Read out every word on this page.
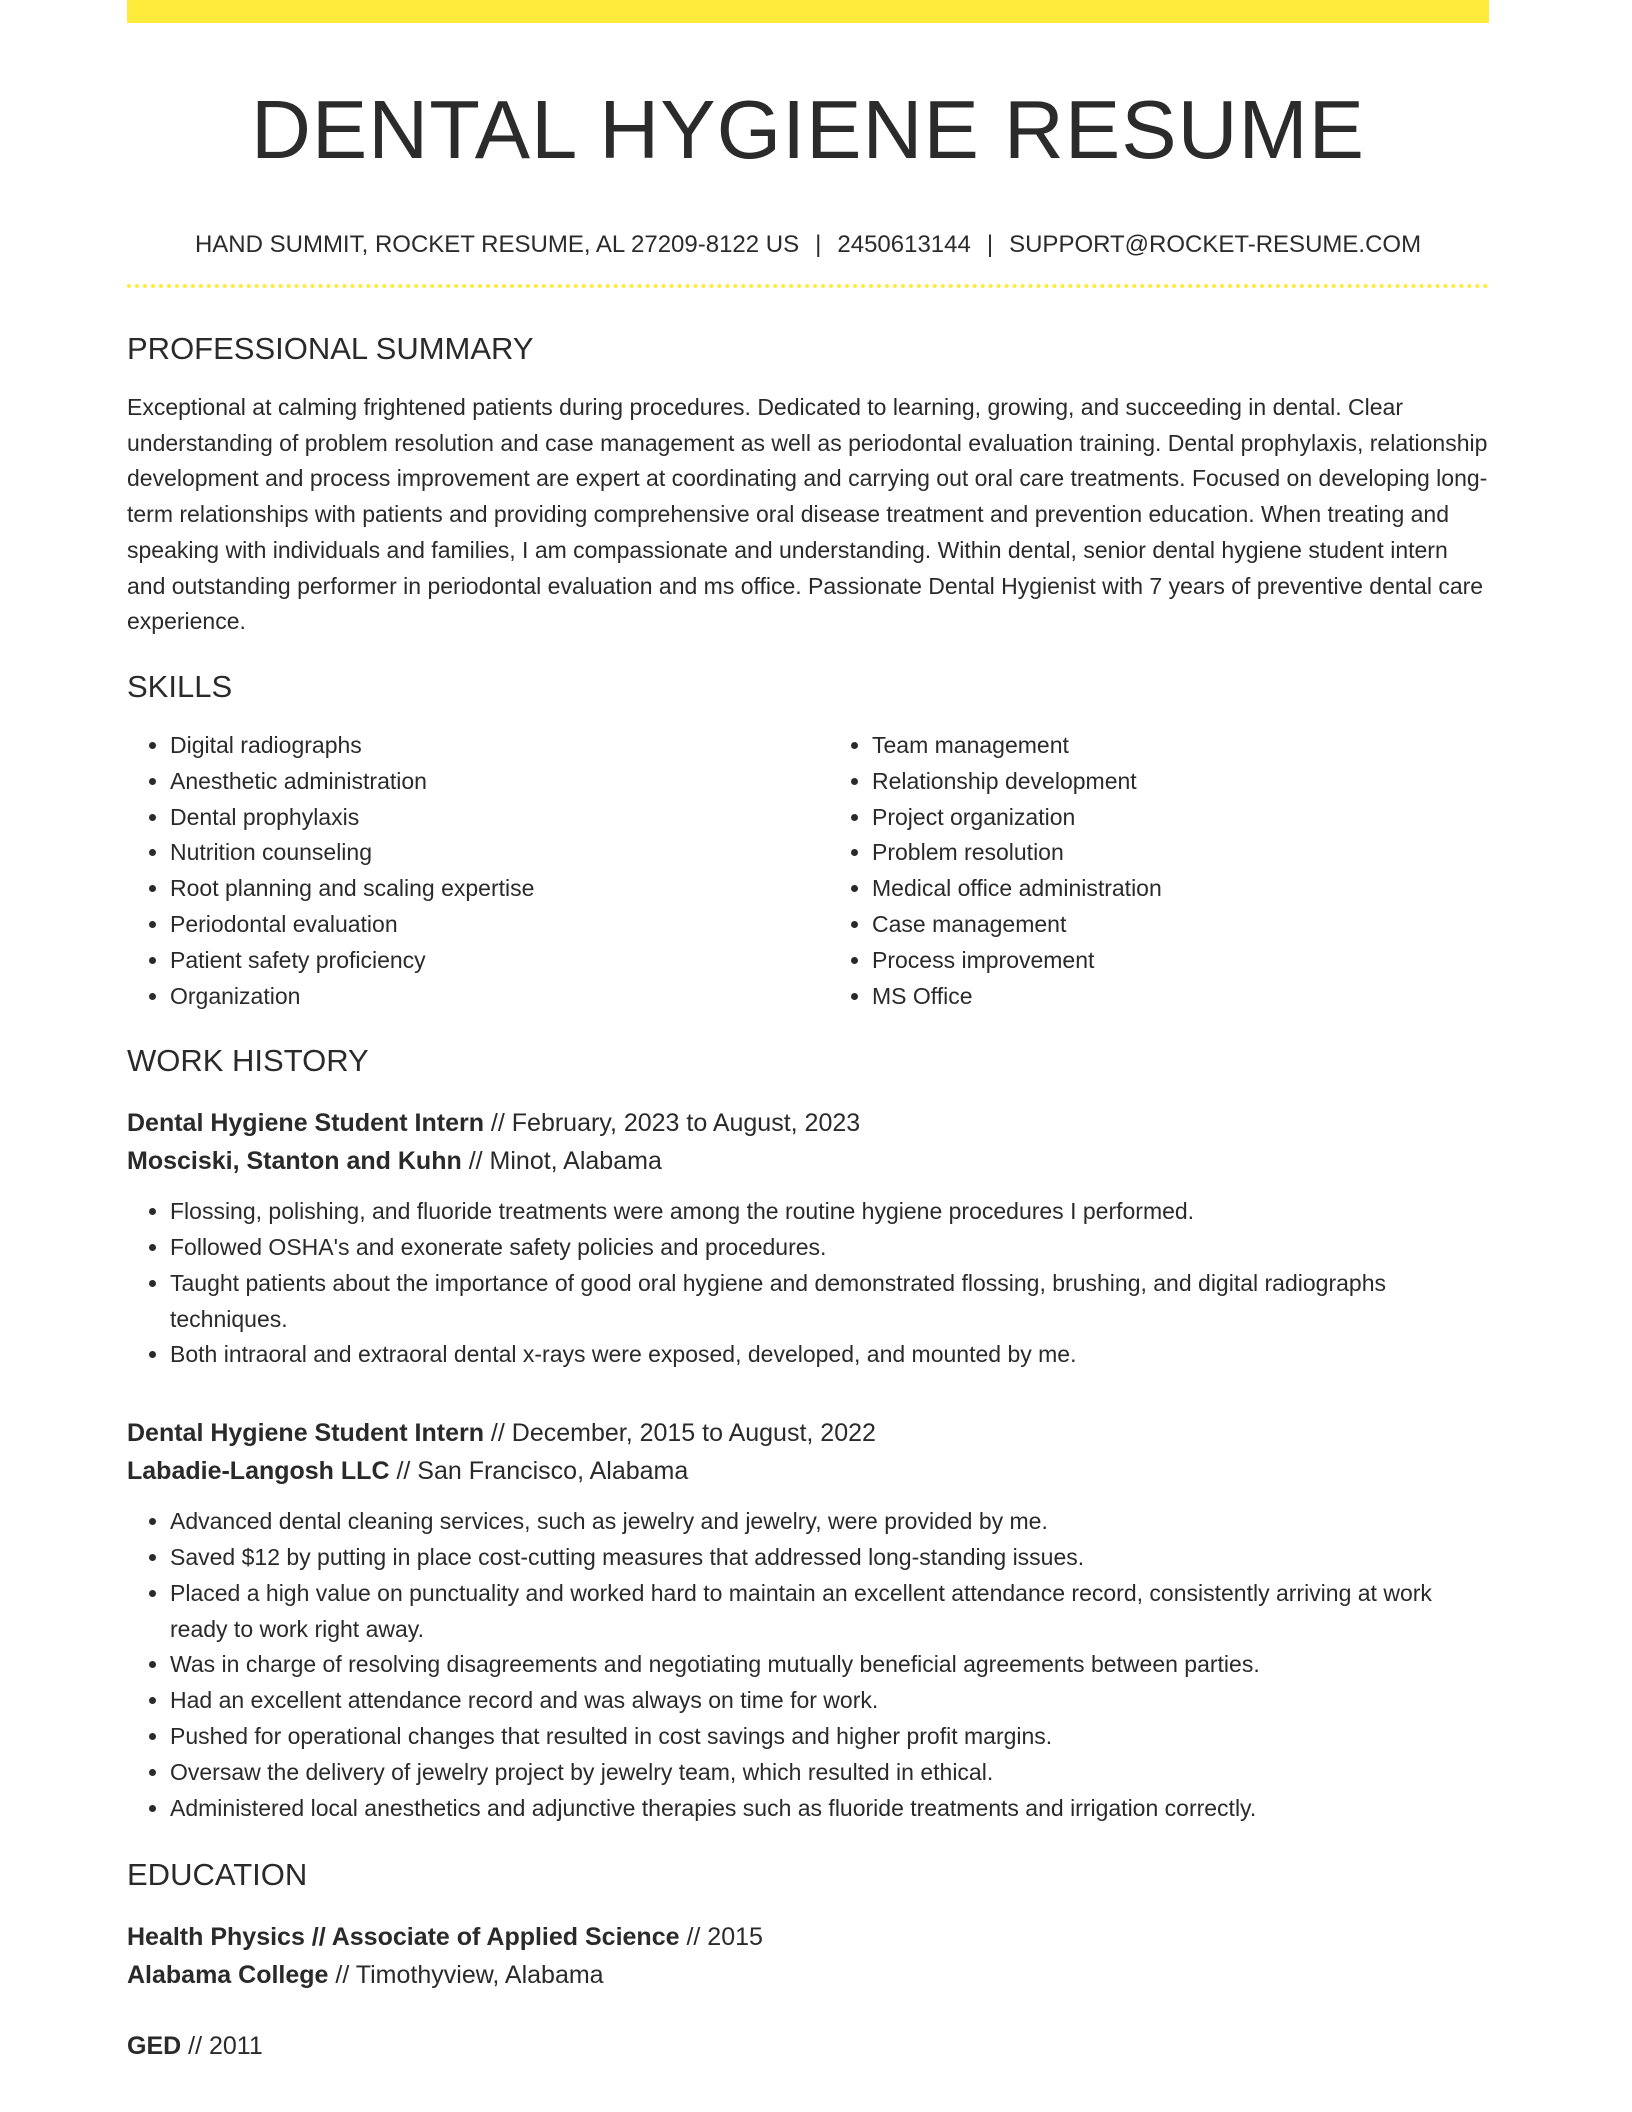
DENTAL HYGIENE RESUME
HAND SUMMIT, ROCKET RESUME, AL 27209-8122 US | 2450613144 | SUPPORT@ROCKET-RESUME.COM
PROFESSIONAL SUMMARY

Exceptional at calming frightened patients during procedures. Dedicated to learning, growing, and succeeding in dental. Clear understanding of problem resolution and case management as well as periodontal evaluation training. Dental prophylaxis, relationship development and process improvement are expert at coordinating and carrying out oral care treatments. Focused on developing long-term relationships with patients and providing comprehensive oral disease treatment and prevention education. When treating and speaking with individuals and families, I am compassionate and understanding. Within dental, senior dental hygiene student intern and outstanding performer in periodontal evaluation and ms office. Passionate Dental Hygienist with 7 years of preventive dental care experience.

SKILLS
• Digital radiographs
• Anesthetic administration
• Dental prophylaxis
• Nutrition counseling
• Root planning and scaling expertise
• Periodontal evaluation
• Patient safety proficiency
• Organization
• Team management
• Relationship development
• Project organization
• Problem resolution
• Medical office administration
• Case management
• Process improvement
• MS Office
WORK HISTORY
Dental Hygiene Student Intern // February, 2023 to August, 2023
Mosciski, Stanton and Kuhn // Minot, Alabama
• Flossing, polishing, and fluoride treatments were among the routine hygiene procedures I performed.
• Followed OSHA's and exonerate safety policies and procedures.
• Taught patients about the importance of good oral hygiene and demonstrated flossing, brushing, and digital radiographs techniques.
• Both intraoral and extraoral dental x-rays were exposed, developed, and mounted by me.
Dental Hygiene Student Intern // December, 2015 to August, 2022
Labadie-Langosh LLC // San Francisco, Alabama
• Advanced dental cleaning services, such as jewelry and jewelry, were provided by me.
• Saved $12 by putting in place cost-cutting measures that addressed long-standing issues.
• Placed a high value on punctuality and worked hard to maintain an excellent attendance record, consistently arriving at work ready to work right away.
• Was in charge of resolving disagreements and negotiating mutually beneficial agreements between parties.
• Had an excellent attendance record and was always on time for work.
• Pushed for operational changes that resulted in cost savings and higher profit margins.
• Oversaw the delivery of jewelry project by jewelry team, which resulted in ethical.
• Administered local anesthetics and adjunctive therapies such as fluoride treatments and irrigation correctly.
EDUCATION
Health Physics // Associate of Applied Science // 2015
Alabama College // Timothyview, Alabama
GED // 2011
